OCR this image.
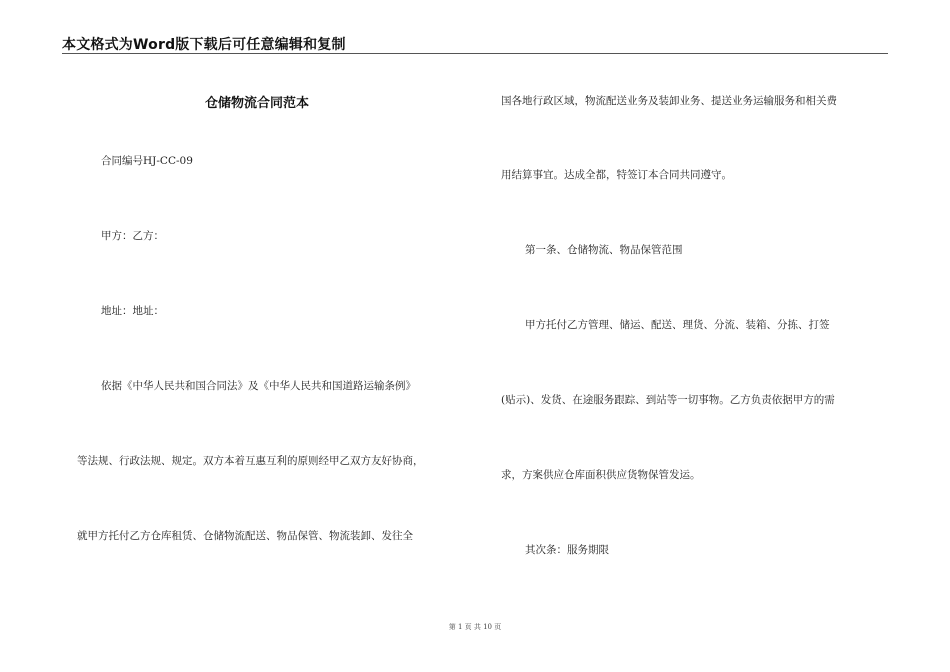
本文格式为Word版下载后可任意编辑和复制
仓储物流合同范本
合同编号HJ-CC-09
甲方：乙方：
地址：地址：
依据《中华人民共和国合同法》及《中华人民共和国道路运输条例》
等法规、行政法规、规定。双方本着互惠互利的原则经甲乙双方友好协商，
就甲方托付乙方仓库租赁、仓储物流配送、物品保管、物流装卸、发往全
国各地行政区域，物流配送业务及装卸业务、提送业务运输服务和相关费
用结算事宜。达成全都，特签订本合同共同遵守。
第一条、仓储物流、物品保管范围
甲方托付乙方管理、储运、配送、理货、分流、装箱、分拣、打签
(贴示)、发货、在途服务跟踪、到站等一切事物。乙方负责依据甲方的需
求，方案供应仓库面积供应货物保管发运。
其次条：服务期限
第 1 页 共 10 页
